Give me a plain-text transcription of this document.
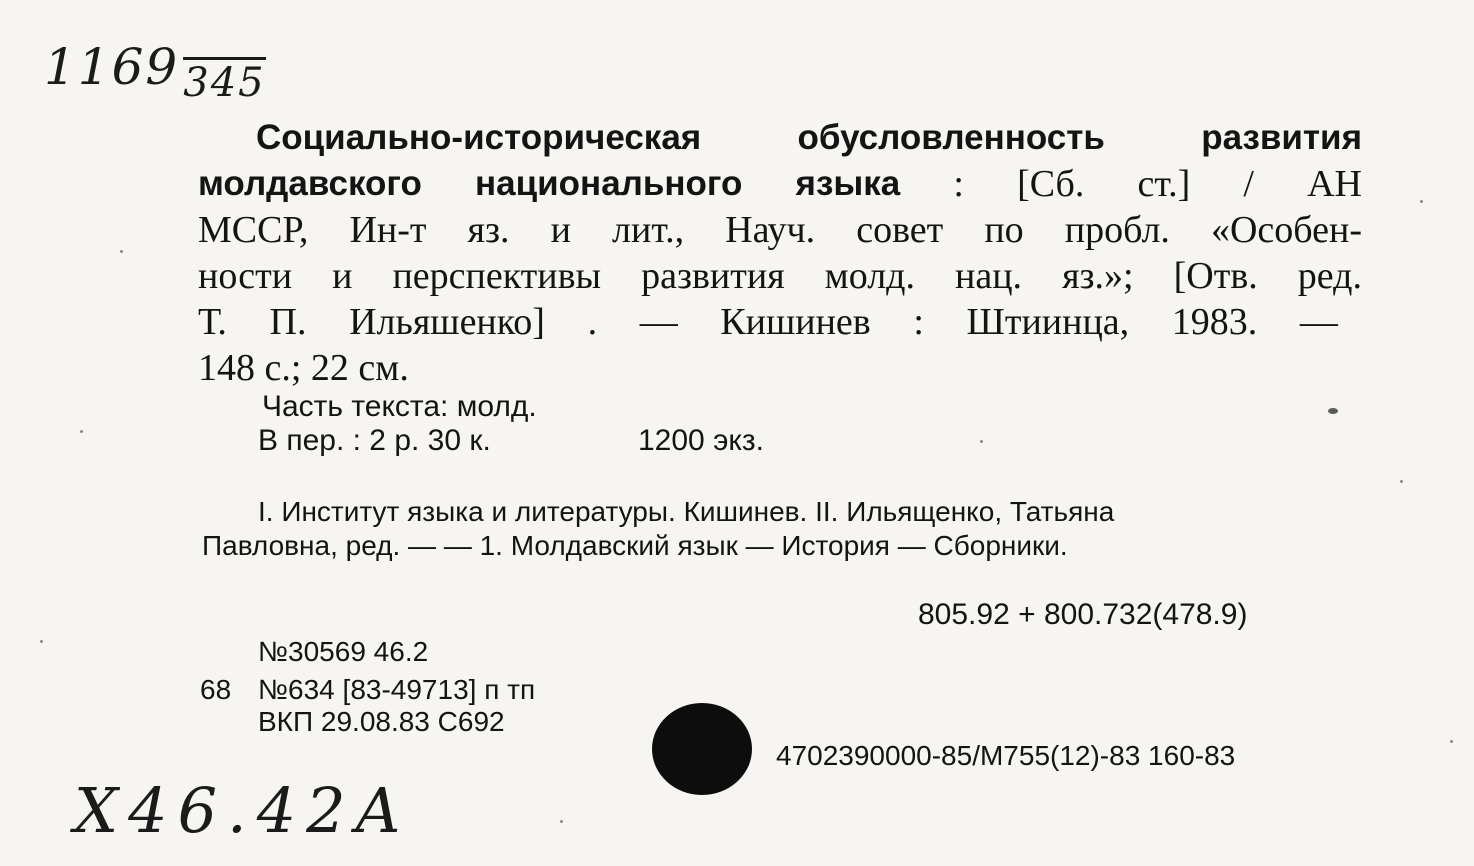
1169 345
Социально-историческая	обусловленность	развития
молдавского национального языка : [Сб. ст.] / АН
МССР, Ин-т яз. и лит., Науч. совет по пробл. «Особен-
ности и перспективы развития молд. нац. яз.»; [Отв. ред.
Т. П. Ильяшенко] . — Кишинев : Штиинца, 1983. —
148 с.; 22 см.
Часть текста: молд.
В пер. : 2 р. 30 к.	1200 экз.
I. Институт языка и литературы. Кишинев. II. Ильященко, Татьяна
Павловна, ред. — — 1. Молдавский язык — История — Сборники.
805.92 + 800.732(478.9)
№30569 46.2
68 №634 [83-49713] п тп
ВКП 29.08.83 С692
4702390000-85/М755(12)-83 160-83
X46.42A
